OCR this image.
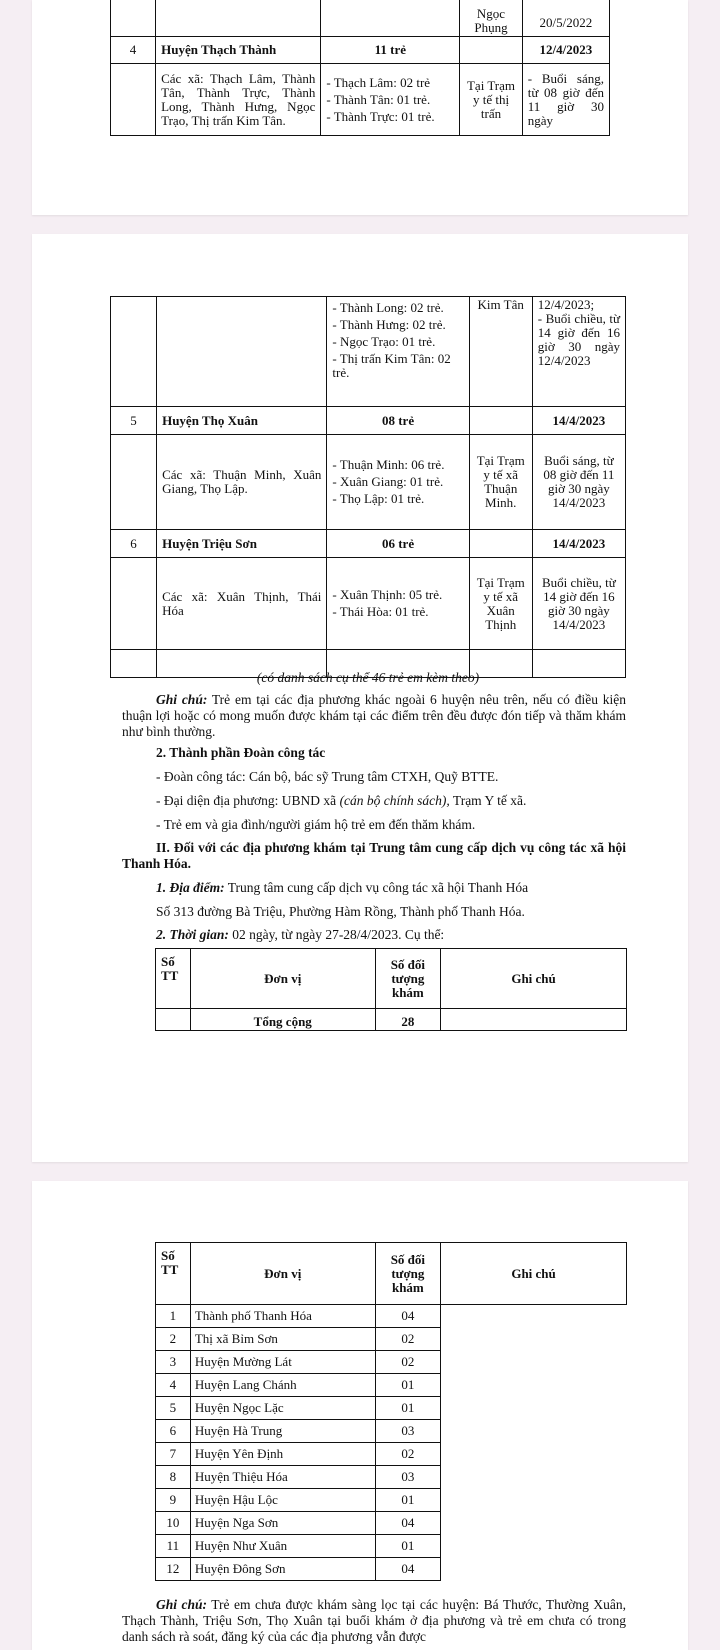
			Ngọc Phụng	20/5/2022
4	Huyện Thạch Thành	11 trẻ		12/4/2023
	Các xã: Thạch Lâm, Thành Tân, Thành Trực, Thành Long, Thành Hưng, Ngọc Trạo, Thị trấn Kim Tân.	- Thạch Lâm: 02 trẻ
- Thành Tân: 01 trẻ.
- Thành Trực: 01 trẻ.	Tại Trạm y tế thị trấn	- Buổi sáng, từ 08 giờ đến 11 giờ 30 ngày

		- Thành Long: 02 trẻ.
- Thành Hưng: 02 trẻ.
- Ngọc Trạo: 01 trẻ.
- Thị trấn Kim Tân: 02 trẻ.	Kim Tân	12/4/2023;
- Buổi chiều, từ 14 giờ đến 16 giờ 30 ngày 12/4/2023

5	Huyện Thọ Xuân	08 trẻ		14/4/2023
	Các xã: Thuận Minh, Xuân Giang, Thọ Lập.	- Thuận Minh: 06 trẻ.
- Xuân Giang: 01 trẻ.
- Thọ Lập: 01 trẻ.	Tại Trạm y tế xã Thuận Minh.	Buổi sáng, từ 08 giờ đến 11 giờ 30 ngày 14/4/2023
6	Huyện Triệu Sơn	06 trẻ		14/4/2023
	Các xã: Xuân Thịnh, Thái Hóa	- Xuân Thịnh: 05 trẻ.
- Thái Hòa: 01 trẻ.	Tại Trạm y tế xã Xuân Thịnh	Buổi chiều, từ 14 giờ đến 16 giờ 30 ngày 14/4/2023

(có danh sách cụ thể 46 trẻ em kèm theo)
Ghi chú: Trẻ em tại các địa phương khác ngoài 6 huyện nêu trên, nếu có điều kiện thuận lợi hoặc có mong muốn được khám tại các điểm trên đều được đón tiếp và thăm khám như bình thường.
2. Thành phần Đoàn công tác
- Đoàn công tác: Cán bộ, bác sỹ Trung tâm CTXH, Quỹ BTTE.
- Đại diện địa phương: UBND xã (cán bộ chính sách), Trạm Y tế xã.
- Trẻ em và gia đình/người giám hộ trẻ em đến thăm khám.
II. Đối với các địa phương khám tại Trung tâm cung cấp dịch vụ công tác xã hội Thanh Hóa.
1. Địa điểm: Trung tâm cung cấp dịch vụ công tác xã hội Thanh Hóa
Số 313 đường Bà Triệu, Phường Hàm Rồng, Thành phố Thanh Hóa.
2. Thời gian: 02 ngày, từ ngày 27-28/4/2023. Cụ thể:
Số TT	Đơn vị	Số đối tượng khám	Ghi chú
	Tổng cộng	28	
Số TT	Đơn vị	Số đối tượng khám	Ghi chú
1	Thành phố Thanh Hóa	04	
2	Thị xã Bỉm Sơn	02	
3	Huyện Mường Lát	02	
4	Huyện Lang Chánh	01	
5	Huyện Ngọc Lặc	01	
6	Huyện Hà Trung	03	
7	Huyện Yên Định	02	
8	Huyện Thiệu Hóa	03	
9	Huyện Hậu Lộc	01	
10	Huyện Nga Sơn	04	
11	Huyện Như Xuân	01	
12	Huyện Đông Sơn	04	
Ghi chú: Trẻ em chưa được khám sàng lọc tại các huyện: Bá Thước, Thường Xuân, Thạch Thành, Triệu Sơn, Thọ Xuân tại buổi khám ở địa phương và trẻ em chưa có trong danh sách rà soát, đăng ký của các địa phương vẫn được
